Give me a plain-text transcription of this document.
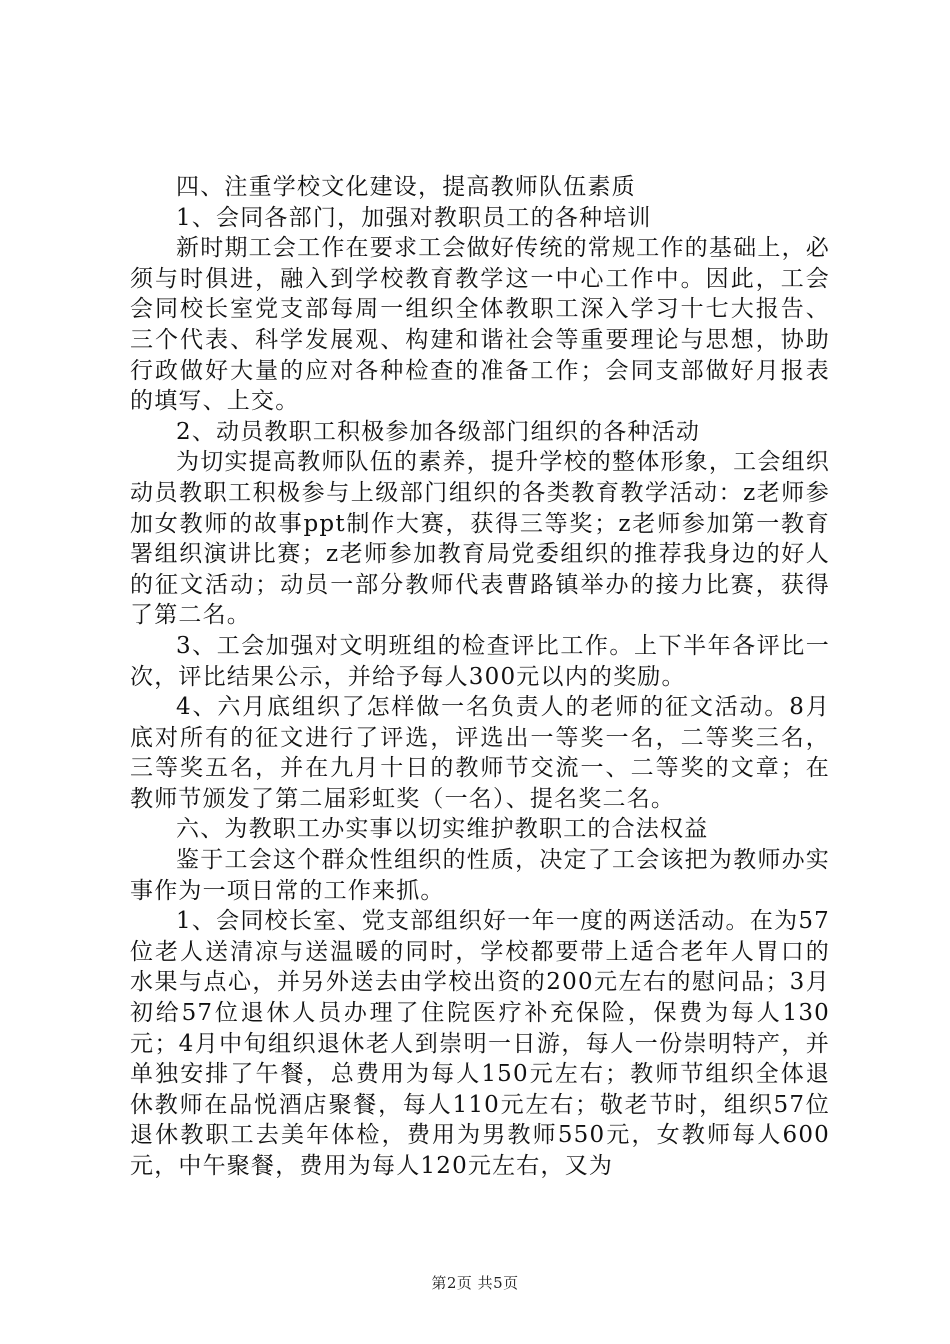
四、注重学校文化建设，提高教师队伍素质

1、会同各部门，加强对教职员工的各种培训

新时期工会工作在要求工会做好传统的常规工作的基础上，必须与时俱进，融入到学校教育教学这一中心工作中。因此，工会会同校长室党支部每周一组织全体教职工深入学习十七大报告、三个代表、科学发展观、构建和谐社会等重要理论与思想，协助行政做好大量的应对各种检查的准备工作；会同支部做好月报表的填写、上交。

2、动员教职工积极参加各级部门组织的各种活动

为切实提高教师队伍的素养，提升学校的整体形象，工会组织动员教职工积极参与上级部门组织的各类教育教学活动：z老师参加女教师的故事ppt制作大赛，获得三等奖；z老师参加第一教育署组织演讲比赛；z老师参加教育局党委组织的推荐我身边的好人的征文活动；动员一部分教师代表曹路镇举办的接力比赛，获得了第二名。

3、工会加强对文明班组的检查评比工作。上下半年各评比一次，评比结果公示，并给予每人300元以内的奖励。

4、六月底组织了怎样做一名负责人的老师的征文活动。8月底对所有的征文进行了评选，评选出一等奖一名，二等奖三名，三等奖五名，并在九月十日的教师节交流一、二等奖的文章；在教师节颁发了第二届彩虹奖（一名）、提名奖二名。

六、为教职工办实事以切实维护教职工的合法权益

鉴于工会这个群众性组织的性质，决定了工会该把为教师办实事作为一项日常的工作来抓。

1、会同校长室、党支部组织好一年一度的两送活动。在为57位老人送清凉与送温暖的同时，学校都要带上适合老年人胃口的水果与点心，并另外送去由学校出资的200元左右的慰问品；3月初给57位退休人员办理了住院医疗补充保险，保费为每人130元；4月中旬组织退休老人到崇明一日游，每人一份崇明特产，并单独安排了午餐，总费用为每人150元左右；教师节组织全体退休教师在品悦酒店聚餐，每人110元左右；敬老节时，组织57位退休教职工去美年体检，费用为男教师550元，女教师每人600元，中午聚餐，费用为每人120元左右，又为

第2页 共5页
